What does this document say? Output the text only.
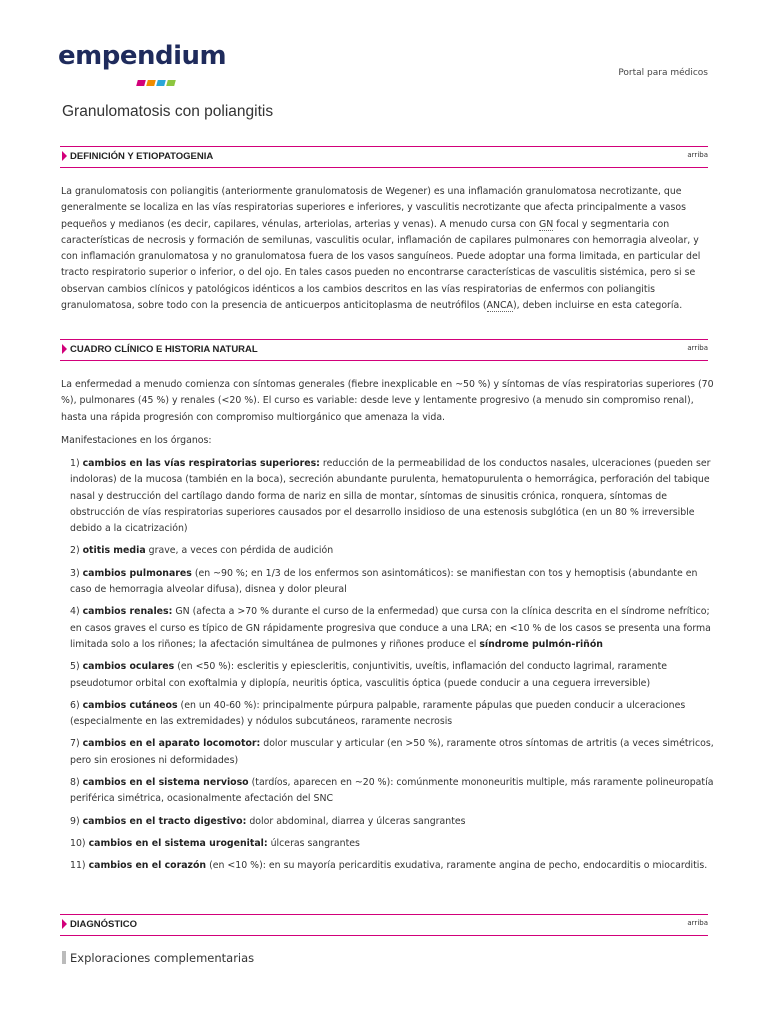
empendium
Portal para médicos
Granulomatosis con poliangitis
DEFINICIÓN Y ETIOPATOGENIA	arriba

La granulomatosis con poliangitis (anteriormente granulomatosis de Wegener) es una inflamación granulomatosa necrotizante, que generalmente se localiza en las vías respiratorias superiores e inferiores, y vasculitis necrotizante que afecta principalmente a vasos pequeños y medianos (es decir, capilares, vénulas, arteriolas, arterias y venas). A menudo cursa con GN focal y segmentaria con características de necrosis y formación de semilunas, vasculitis ocular, inflamación de capilares pulmonares con hemorragia alveolar, y con inflamación granulomatosa y no granulomatosa fuera de los vasos sanguíneos. Puede adoptar una forma limitada, en particular del tracto respiratorio superior o inferior, o del ojo. En tales casos pueden no encontrarse características de vasculitis sistémica, pero si se observan cambios clínicos y patológicos idénticos a los cambios descritos en las vías respiratorias de enfermos con poliangitis granulomatosa, sobre todo con la presencia de anticuerpos anticitoplasma de neutrófilos (ANCA), deben incluirse en esta categoría.

CUADRO CLÍNICO E HISTORIA NATURAL	arriba

La enfermedad a menudo comienza con síntomas generales (fiebre inexplicable en ~50 %) y síntomas de vías respiratorias superiores (70 %), pulmonares (45 %) y renales (<20 %). El curso es variable: desde leve y lentamente progresivo (a menudo sin compromiso renal), hasta una rápida progresión con compromiso multiorgánico que amenaza la vida.

Manifestaciones en los órganos:

1) cambios en las vías respiratorias superiores: reducción de la permeabilidad de los conductos nasales, ulceraciones (pueden ser indoloras) de la mucosa (también en la boca), secreción abundante purulenta, hematopurulenta o hemorrágica, perforación del tabique nasal y destrucción del cartílago dando forma de nariz en silla de montar, síntomas de sinusitis crónica, ronquera, síntomas de obstrucción de vías respiratorias superiores causados por el desarrollo insidioso de una estenosis subglótica (en un 80 % irreversible debido a la cicatrización)
2) otitis media grave, a veces con pérdida de audición
3) cambios pulmonares (en ~90 %; en 1/3 de los enfermos son asintomáticos): se manifiestan con tos y hemoptisis (abundante en caso de hemorragia alveolar difusa), disnea y dolor pleural
4) cambios renales: GN (afecta a >70 % durante el curso de la enfermedad) que cursa con la clínica descrita en el síndrome nefrítico; en casos graves el curso es típico de GN rápidamente progresiva que conduce a una LRA; en <10 % de los casos se presenta una forma limitada solo a los riñones; la afectación simultánea de pulmones y riñones produce el síndrome pulmón-riñón
5) cambios oculares (en <50 %): escleritis y epiescleritis, conjuntivitis, uveítis, inflamación del conducto lagrimal, raramente pseudotumor orbital con exoftalmia y diplopía, neuritis óptica, vasculitis óptica (puede conducir a una ceguera irreversible)
6) cambios cutáneos (en un 40-60 %): principalmente púrpura palpable, raramente pápulas que pueden conducir a ulceraciones (especialmente en las extremidades) y nódulos subcutáneos, raramente necrosis
7) cambios en el aparato locomotor: dolor muscular y articular (en >50 %), raramente otros síntomas de artritis (a veces simétricos, pero sin erosiones ni deformidades)
8) cambios en el sistema nervioso (tardíos, aparecen en ~20 %): comúnmente mononeuritis multiple, más raramente polineuropatía periférica simétrica, ocasionalmente afectación del SNC
9) cambios en el tracto digestivo: dolor abdominal, diarrea y úlceras sangrantes
10) cambios en el sistema urogenital: úlceras sangrantes
11) cambios en el corazón (en <10 %): en su mayoría pericarditis exudativa, raramente angina de pecho, endocarditis o miocarditis.
DIAGNÓSTICO	arriba
Exploraciones complementarias
